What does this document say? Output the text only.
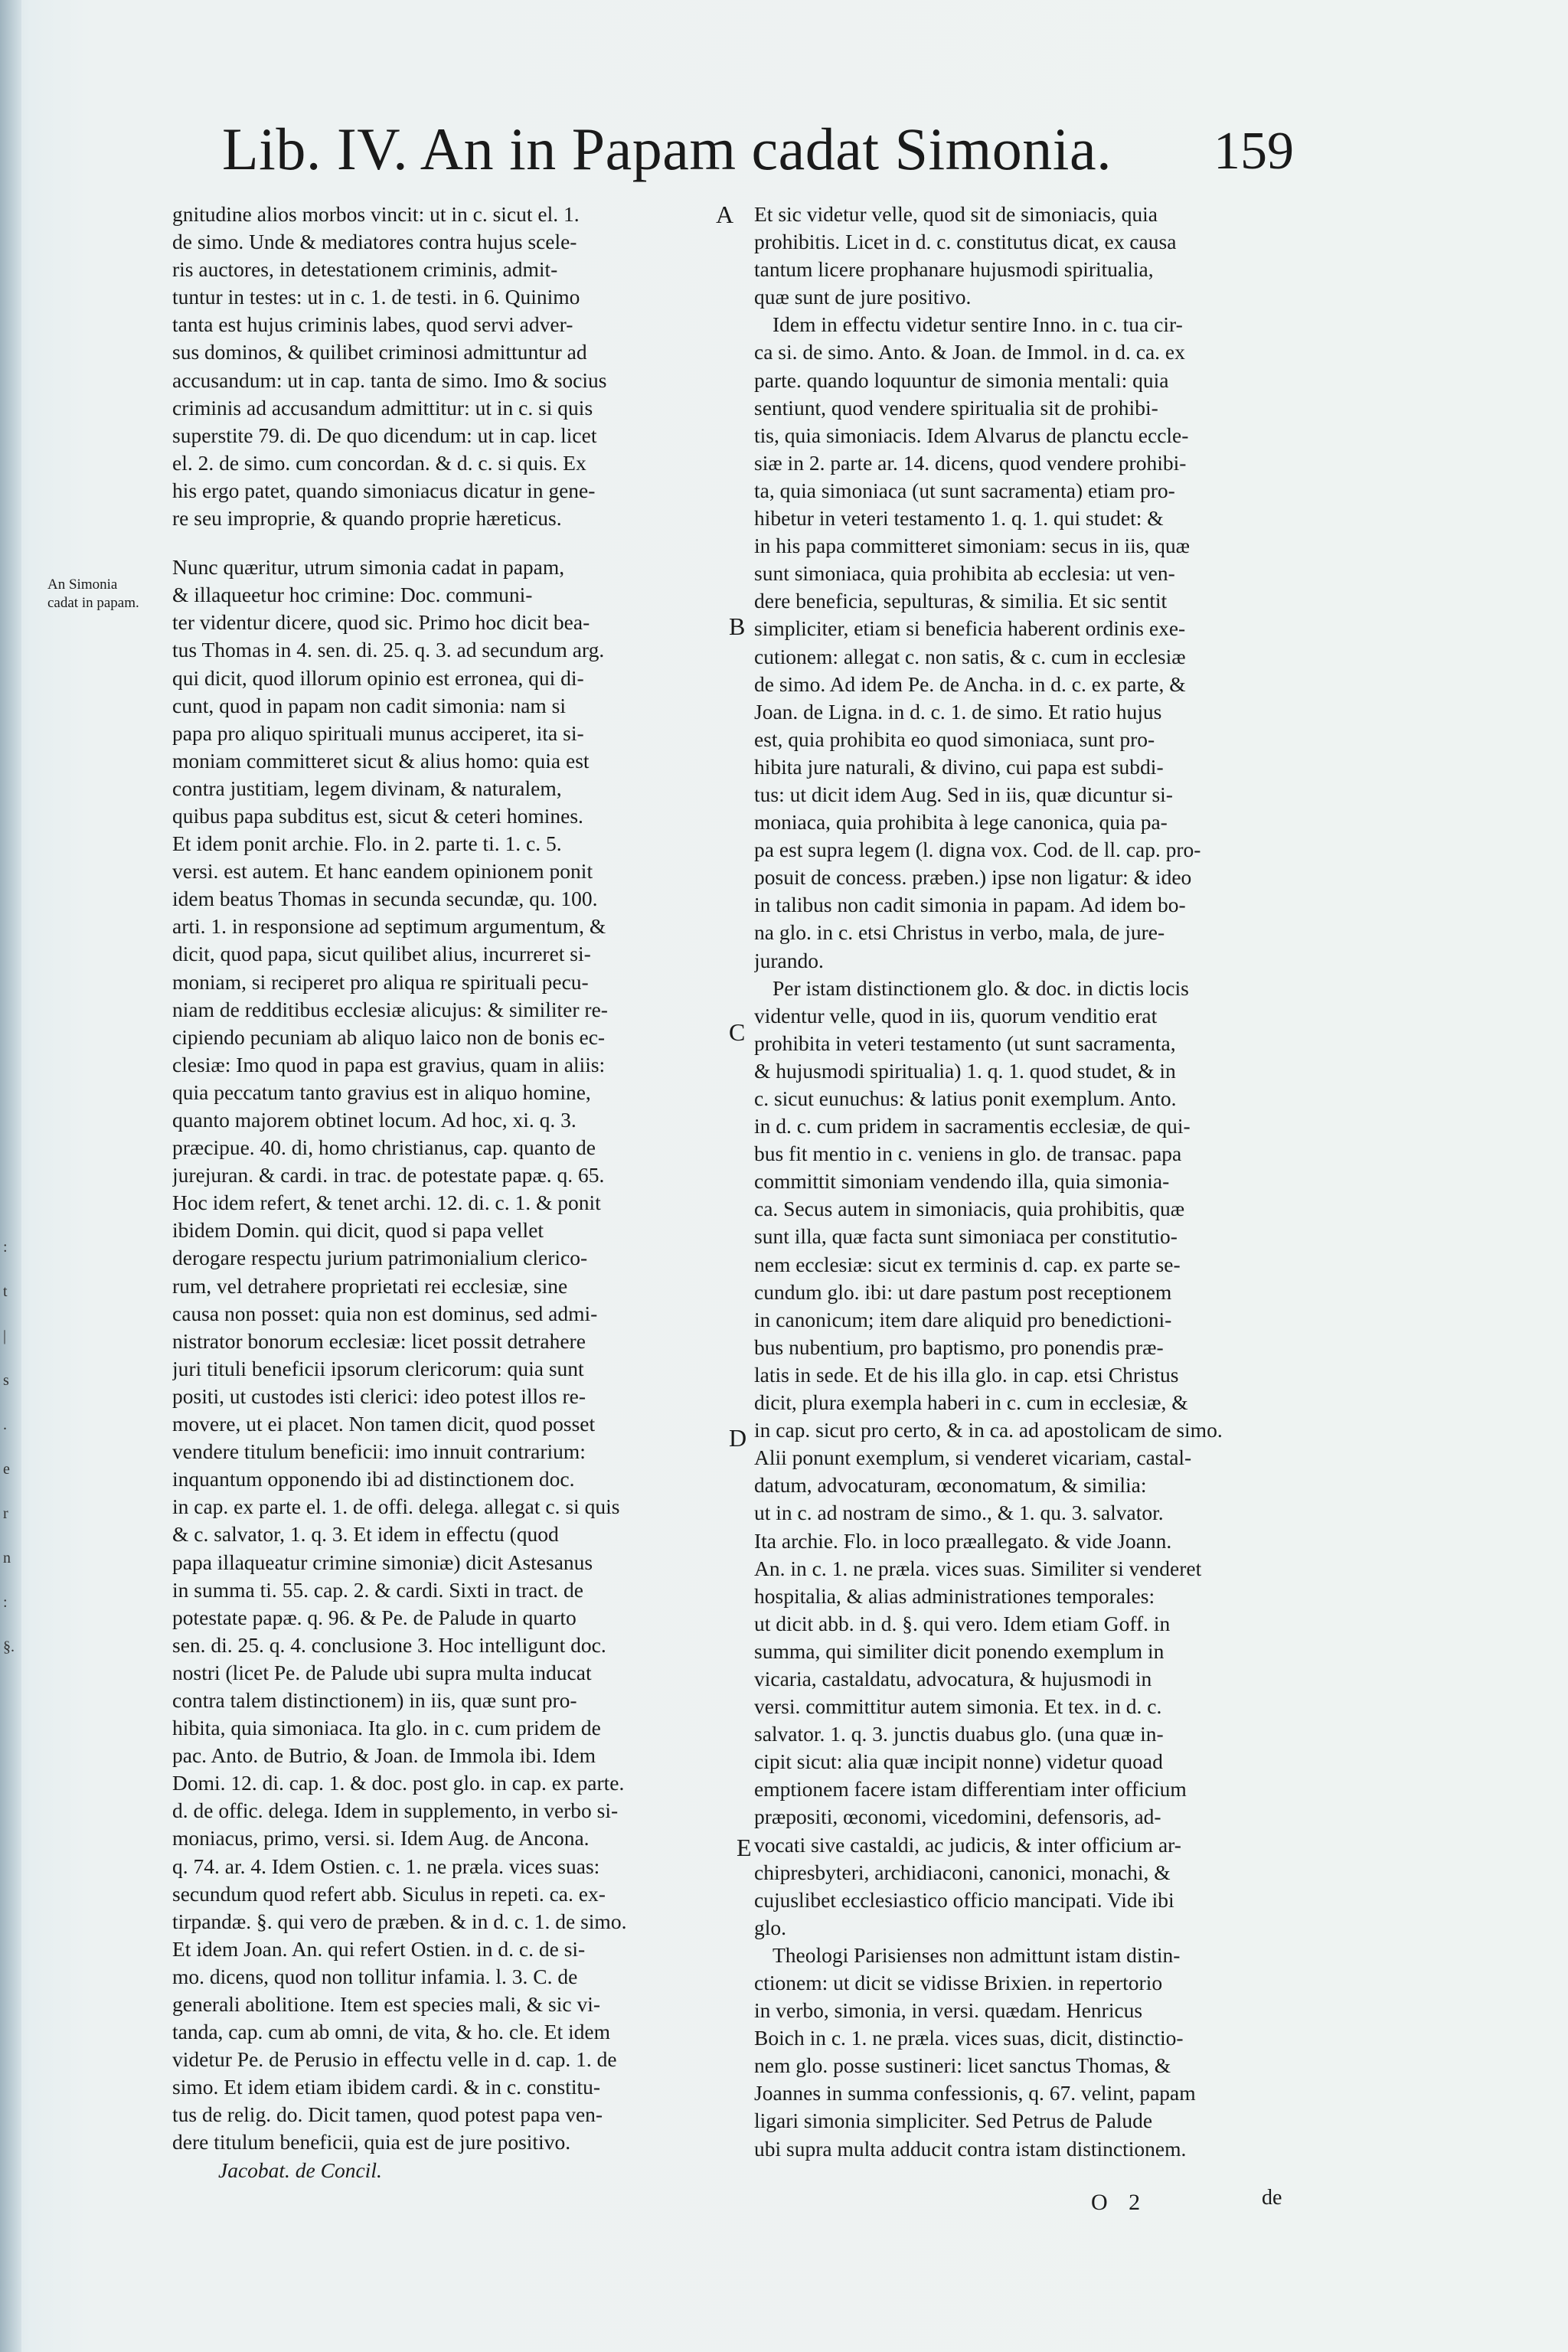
Lib. IV. An in Papam cadat Simonia. 159
An Simonia cadat in papam.
A
B
C
D
E
gnitudine alios morbos vincit: ut in c. sicut el. 1.
de simo. Unde & mediatores contra hujus scele-
ris auctores, in detestationem criminis, admit-
tuntur in testes: ut in c. 1. de testi. in 6. Quinimo
tanta est hujus criminis labes, quod servi adver-
sus dominos, & quilibet criminosi admittuntur ad
accusandum: ut in cap. tanta de simo. Imo & socius
criminis ad accusandum admittitur: ut in c. si quis
superstite 79. di. De quo dicendum: ut in cap. licet
el. 2. de simo. cum concordan. & d. c. si quis. Ex
his ergo patet, quando simoniacus dicatur in gene-
re seu improprie, & quando proprie hæreticus.
Nunc quæritur, utrum simonia cadat in papam,
& illaqueetur hoc crimine: Doc. communi-
ter videntur dicere, quod sic. Primo hoc dicit bea-
tus Thomas in 4. sen. di. 25. q. 3. ad secundum arg.
qui dicit, quod illorum opinio est erronea, qui di-
cunt, quod in papam non cadit simonia: nam si
papa pro aliquo spirituali munus acciperet, ita si-
moniam committeret sicut & alius homo: quia est
contra justitiam, legem divinam, & naturalem,
quibus papa subditus est, sicut & ceteri homines.
Et idem ponit archie. Flo. in 2. parte ti. 1. c. 5.
versi. est autem. Et hanc eandem opinionem ponit
idem beatus Thomas in secunda secundæ, qu. 100.
arti. 1. in responsione ad septimum argumentum, &
dicit, quod papa, sicut quilibet alius, incurreret si-
moniam, si reciperet pro aliqua re spirituali pecu-
niam de redditibus ecclesiæ alicujus: & similiter re-
cipiendo pecuniam ab aliquo laico non de bonis ec-
clesiæ: Imo quod in papa est gravius, quam in aliis:
quia peccatum tanto gravius est in aliquo homine,
quanto majorem obtinet locum. Ad hoc, xi. q. 3.
præcipue. 40. di, homo christianus, cap. quanto de
jurejuran. & cardi. in trac. de potestate papæ. q. 65.
Hoc idem refert, & tenet archi. 12. di. c. 1. & ponit
ibidem Domin. qui dicit, quod si papa vellet
derogare respectu jurium patrimonialium clerico-
rum, vel detrahere proprietati rei ecclesiæ, sine
causa non posset: quia non est dominus, sed admi-
nistrator bonorum ecclesiæ: licet possit detrahere
juri tituli beneficii ipsorum clericorum: quia sunt
positi, ut custodes isti clerici: ideo potest illos re-
movere, ut ei placet. Non tamen dicit, quod posset
vendere titulum beneficii: imo innuit contrarium:
inquantum opponendo ibi ad distinctionem doc.
in cap. ex parte el. 1. de offi. delega. allegat c. si quis
& c. salvator, 1. q. 3. Et idem in effectu (quod
papa illaqueatur crimine simoniæ) dicit Astesanus
in summa ti. 55. cap. 2. & cardi. Sixti in tract. de
potestate papæ. q. 96. & Pe. de Palude in quarto
sen. di. 25. q. 4. conclusione 3. Hoc intelligunt doc.
nostri (licet Pe. de Palude ubi supra multa inducat
contra talem distinctionem) in iis, quæ sunt pro-
hibita, quia simoniaca. Ita glo. in c. cum pridem de
pac. Anto. de Butrio, & Joan. de Immola ibi. Idem
Domi. 12. di. cap. 1. & doc. post glo. in cap. ex parte.
d. de offic. delega. Idem in supplemento, in verbo si-
moniacus, primo, versi. si. Idem Aug. de Ancona.
q. 74. ar. 4. Idem Ostien. c. 1. ne præla. vices suas:
secundum quod refert abb. Siculus in repeti. ca. ex-
tirpandæ. §. qui vero de præben. & in d. c. 1. de simo.
Et idem Joan. An. qui refert Ostien. in d. c. de si-
mo. dicens, quod non tollitur infamia. l. 3. C. de
generali abolitione. Item est species mali, & sic vi-
tanda, cap. cum ab omni, de vita, & ho. cle. Et idem
videtur Pe. de Perusio in effectu velle in d. cap. 1. de
simo. Et idem etiam ibidem cardi. & in c. constitu-
tus de relig. do. Dicit tamen, quod potest papa ven-
dere titulum beneficii, quia est de jure positivo.
Jacobat. de Concil.
Et sic videtur velle, quod sit de simoniacis, quia
prohibitis. Licet in d. c. constitutus dicat, ex causa
tantum licere prophanare hujusmodi spiritualia,
quæ sunt de jure positivo.
Idem in effectu videtur sentire Inno. in c. tua cir-
ca si. de simo. Anto. & Joan. de Immol. in d. ca. ex
parte. quando loquuntur de simonia mentali: quia
sentiunt, quod vendere spiritualia sit de prohibi-
tis, quia simoniacis. Idem Alvarus de planctu eccle-
siæ in 2. parte ar. 14. dicens, quod vendere prohibi-
ta, quia simoniaca (ut sunt sacramenta) etiam pro-
hibetur in veteri testamento 1. q. 1. qui studet: &
in his papa committeret simoniam: secus in iis, quæ
sunt simoniaca, quia prohibita ab ecclesia: ut ven-
dere beneficia, sepulturas, & similia. Et sic sentit
simpliciter, etiam si beneficia haberent ordinis exe-
cutionem: allegat c. non satis, & c. cum in ecclesiæ
de simo. Ad idem Pe. de Ancha. in d. c. ex parte, &
Joan. de Ligna. in d. c. 1. de simo. Et ratio hujus
est, quia prohibita eo quod simoniaca, sunt pro-
hibita jure naturali, & divino, cui papa est subdi-
tus: ut dicit idem Aug. Sed in iis, quæ dicuntur si-
moniaca, quia prohibita à lege canonica, quia pa-
pa est supra legem (l. digna vox. Cod. de ll. cap. pro-
posuit de concess. præben.) ipse non ligatur: & ideo
in talibus non cadit simonia in papam. Ad idem bo-
na glo. in c. etsi Christus in verbo, mala, de jure-
jurando.
Per istam distinctionem glo. & doc. in dictis locis
videntur velle, quod in iis, quorum venditio erat
prohibita in veteri testamento (ut sunt sacramenta,
& hujusmodi spiritualia) 1. q. 1. quod studet, & in
c. sicut eunuchus: & latius ponit exemplum. Anto.
in d. c. cum pridem in sacramentis ecclesiæ, de qui-
bus fit mentio in c. veniens in glo. de transac. papa
committit simoniam vendendo illa, quia simonia-
ca. Secus autem in simoniacis, quia prohibitis, quæ
sunt illa, quæ facta sunt simoniaca per constitutio-
nem ecclesiæ: sicut ex terminis d. cap. ex parte se-
cundum glo. ibi: ut dare pastum post receptionem
in canonicum; item dare aliquid pro benedictioni-
bus nubentium, pro baptismo, pro ponendis præ-
latis in sede. Et de his illa glo. in cap. etsi Christus
dicit, plura exempla haberi in c. cum in ecclesiæ, &
in cap. sicut pro certo, & in ca. ad apostolicam de simo.
Alii ponunt exemplum, si venderet vicariam, castal-
datum, advocaturam, œconomatum, & similia:
ut in c. ad nostram de simo., & 1. qu. 3. salvator.
Ita archie. Flo. in loco præallegato. & vide Joann.
An. in c. 1. ne præla. vices suas. Similiter si venderet
hospitalia, & alias administrationes temporales:
ut dicit abb. in d. §. qui vero. Idem etiam Goff. in
summa, qui similiter dicit ponendo exemplum in
vicaria, castaldatu, advocatura, & hujusmodi in
versi. committitur autem simonia. Et tex. in d. c.
salvator. 1. q. 3. junctis duabus glo. (una quæ in-
cipit sicut: alia quæ incipit nonne) videtur quoad
emptionem facere istam differentiam inter officium
præpositi, œconomi, vicedomini, defensoris, ad-
vocati sive castaldi, ac judicis, & inter officium ar-
chipresbyteri, archidiaconi, canonici, monachi, &
cujuslibet ecclesiastico officio mancipati. Vide ibi
glo.
Theologi Parisienses non admittunt istam distin-
ctionem: ut dicit se vidisse Brixien. in repertorio
in verbo, simonia, in versi. quædam. Henricus
Boich in c. 1. ne præla. vices suas, dicit, distinctio-
nem glo. posse sustineri: licet sanctus Thomas, &
Joannes in summa confessionis, q. 67. velint, papam
ligari simonia simpliciter. Sed Petrus de Palude
ubi supra multa adducit contra istam distinctionem.
O 2	de
:
t
|
s
.
e
r
n
:
§.
